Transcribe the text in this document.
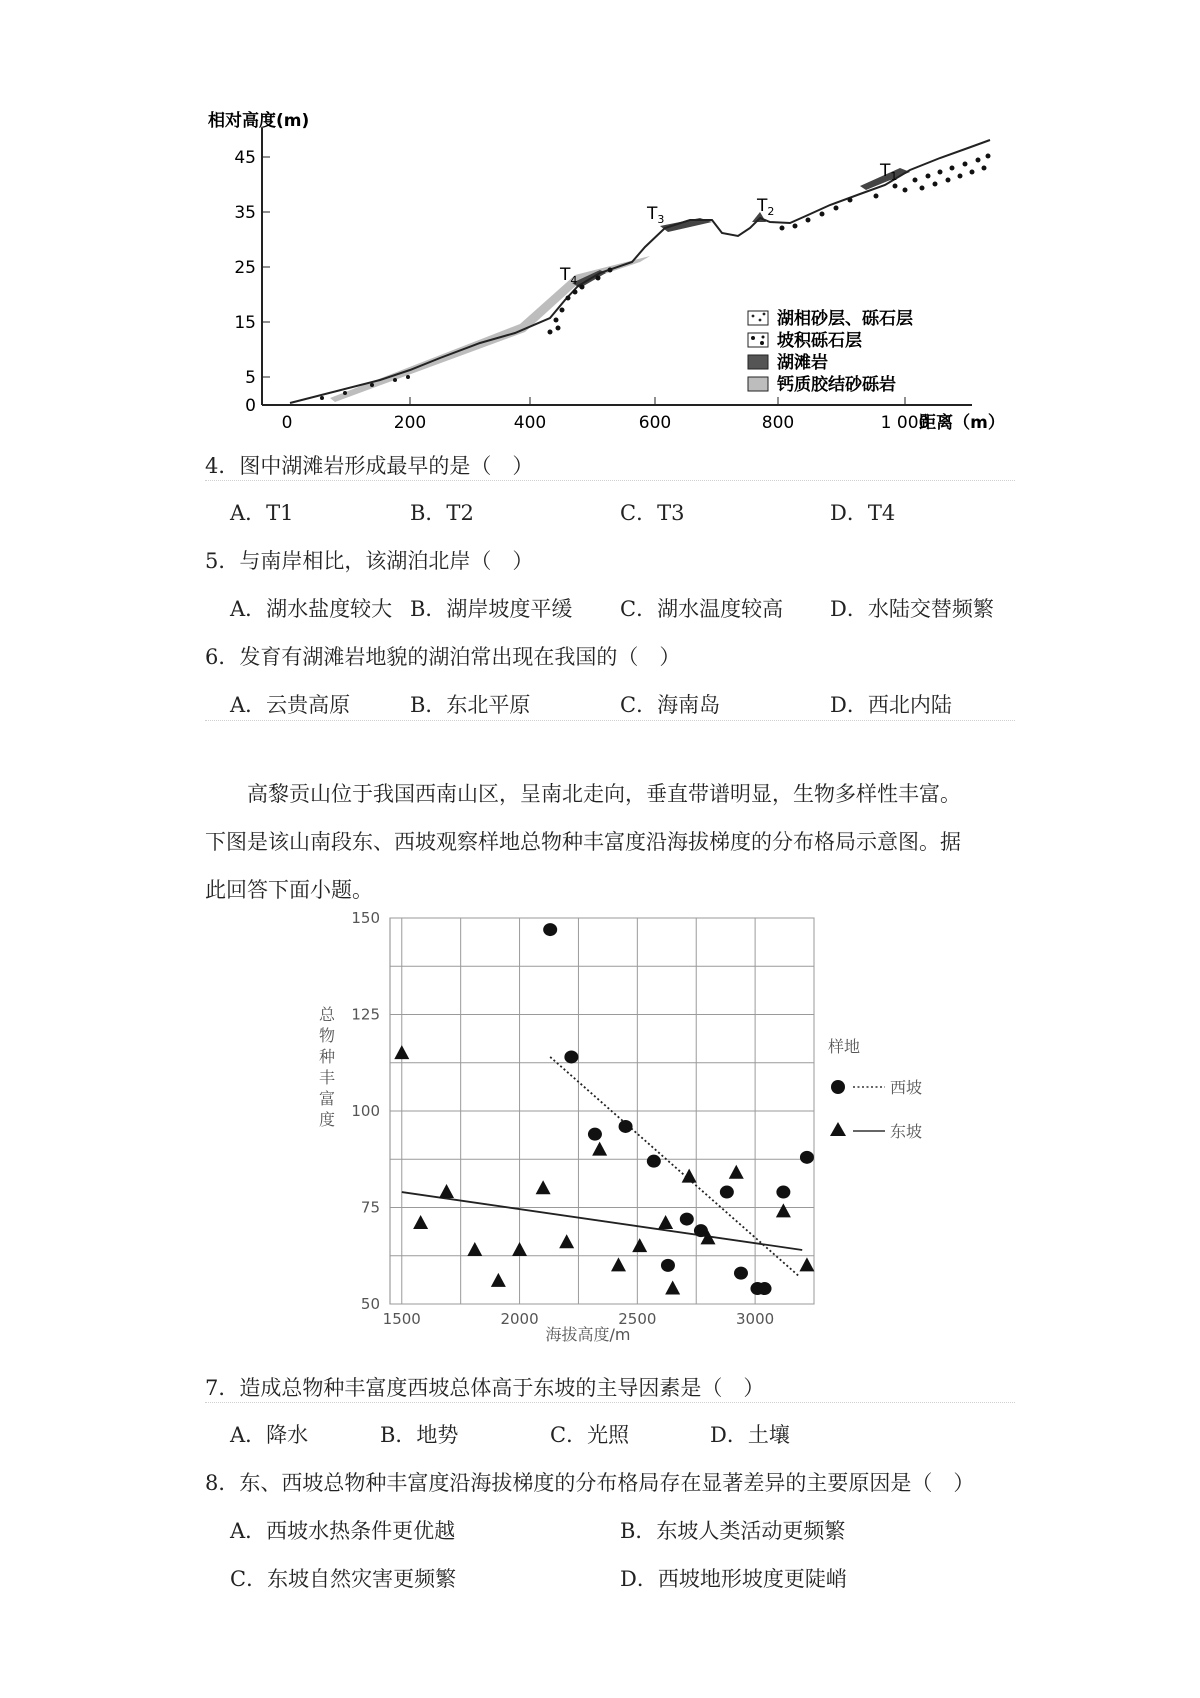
相对高度(m)
45
35
25
15
5
0
0	200	400	600	800	1 000
距离（m）
$T_1$
$T_2$
$T_3$
$T_4$
湖相砂层、砾石层
坡积砾石层
湖滩岩
钙质胶结砂砾岩
4．图中湖滩岩形成最早的是（　）
A．T1	B．T2	C．T3	D．T4
5．与南岸相比，该湖泊北岸（　）
A．湖水盐度较大 B．湖岸坡度平缓 C．湖水温度较高 D．水陆交替频繁
6．发育有湖滩岩地貌的湖泊常出现在我国的（　）
A．云贵高原	B．东北平原	C．海南岛	D．西北内陆

高黎贡山位于我国西南山区，呈南北走向，垂直带谱明显，生物多样性丰富。

下图是该山南段东、西坡观察样地总物种丰富度沿海拔梯度的分布格局示意图。据

此回答下面小题。

150
125
100
75
50
1500	2000	2500	3000
总物种丰富度
海拔高度/m
样地
西坡
东坡
7．造成总物种丰富度西坡总体高于东坡的主导因素是（　）
A．降水	B．地势	C．光照	D．土壤
8．东、西坡总物种丰富度沿海拔梯度的分布格局存在显著差异的主要原因是（　）
A．西坡水热条件更优越	B．东坡人类活动更频繁
C．东坡自然灾害更频繁	D．西坡地形坡度更陡峭
